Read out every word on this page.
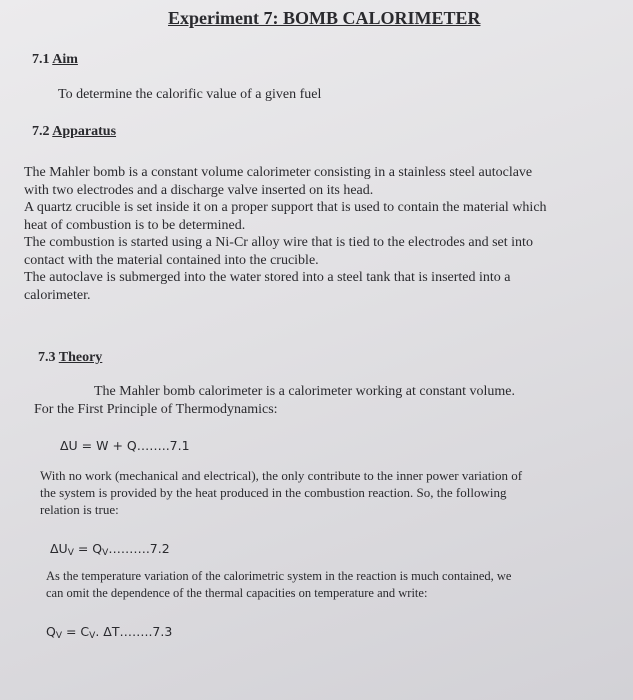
Experiment 7: BOMB CALORIMETER
7.1 Aim
To determine the calorific value of a given fuel
7.2 Apparatus
The Mahler bomb is a constant volume calorimeter consisting in a stainless steel autoclave
with two electrodes and a discharge valve inserted on its head.
A quartz crucible is set inside it on a proper support that is used to contain the material which
heat of combustion is to be determined.
The combustion is started using a Ni-Cr alloy wire that is tied to the electrodes and set into
contact with the material contained into the crucible.
The autoclave is submerged into the water stored into a steel tank that is inserted into a
calorimeter.
7.3 Theory
The Mahler bomb calorimeter is a calorimeter working at constant volume.
For the First Principle of Thermodynamics:
ΔU = W + Q……..7.1
With no work (mechanical and electrical), the only contribute to the inner power variation of
the system is provided by the heat produced in the combustion reaction. So, the following
relation is true:
$\Delta U_V$ = $Q_V\dots\dots\dots.7.2$
As the temperature variation of the calorimetric system in the reaction is much contained, we
can omit the dependence of the thermal capacities on temperature and write:
$Q_V = C_V$. ΔT……..7.3
